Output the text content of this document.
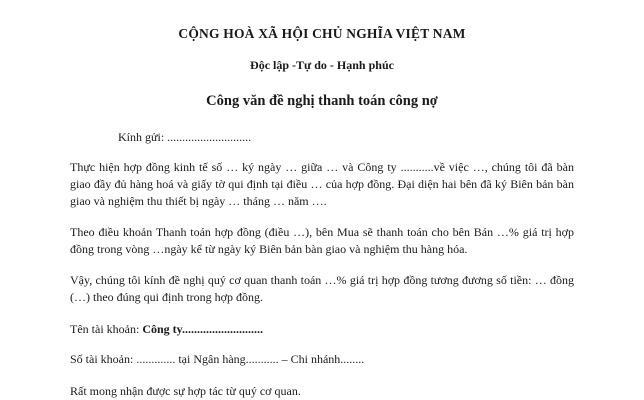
CỘNG HOÀ XÃ HỘI CHỦ NGHĨA VIỆT NAM
Độc lập -Tự do - Hạnh phúc
Công văn đề nghị thanh toán công nợ
Kính gửi: ............................

Thực hiện hợp đồng kinh tế số … ký ngày … giữa … và Công ty ...........về việc …, chúng tôi đã bàn giao đầy đủ hàng hoá và giấy tờ qui định tại điều … của hợp đồng. Đại diện hai bên đã ký Biên bản bàn giao và nghiệm thu thiết bị ngày … tháng … năm ….

Theo điều khoản Thanh toán hợp đồng (điều …), bên Mua sẽ thanh toán cho bên Bán …% giá trị hợp đồng trong vòng …ngày kể từ ngày ký Biên bản bàn giao và nghiệm thu hàng hóa.

Vậy, chúng tôi kính đề nghị quý cơ quan thanh toán …% giá trị hợp đồng tương đương số tiền: … đồng (…) theo đúng qui định trong hợp đồng.

Tên tài khoản: Công ty...........................
Số tài khoản: ............. tại Ngân hàng........... – Chi nhánh........
Rất mong nhận được sự hợp tác từ quý cơ quan.
